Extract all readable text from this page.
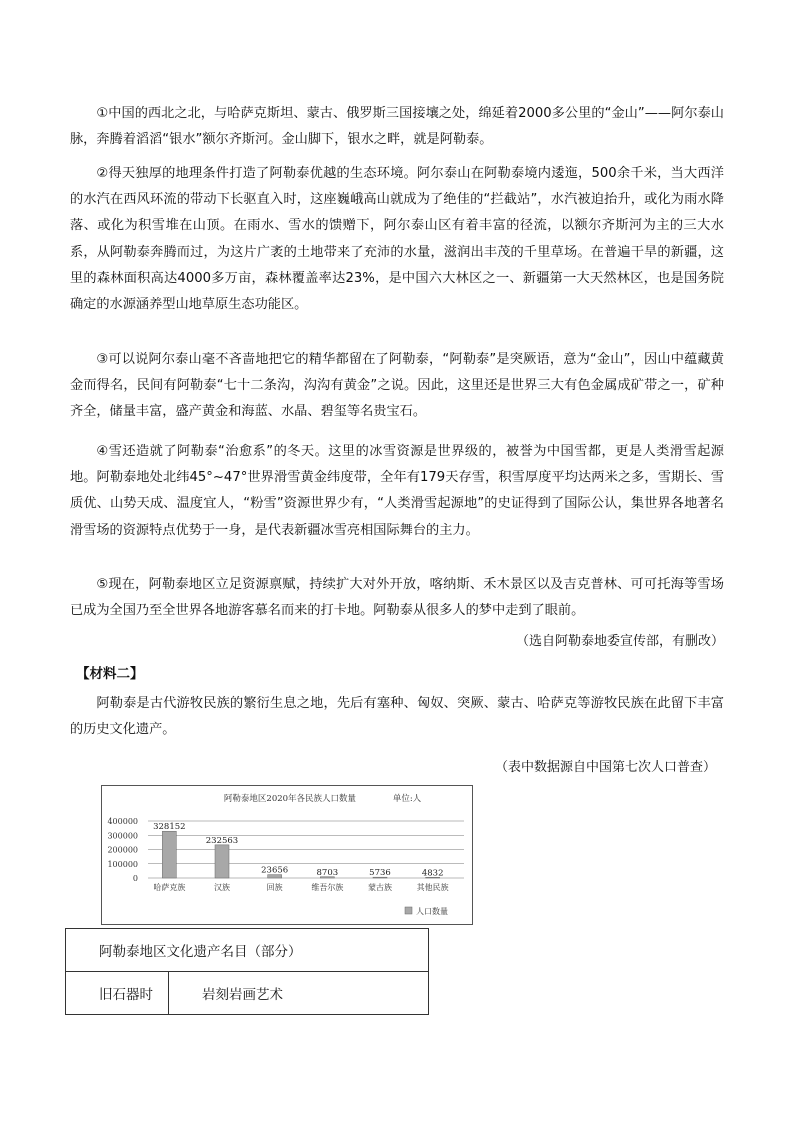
①中国的西北之北，与哈萨克斯坦、蒙古、俄罗斯三国接壤之处，绵延着2000多公里的“金山”——阿尔泰山脉，奔腾着滔滔“银水”额尔齐斯河。金山脚下，银水之畔，就是阿勒泰。

②得天独厚的地理条件打造了阿勒泰优越的生态环境。阿尔泰山在阿勒泰境内逶迤，500余千米，当大西洋的水汽在西风环流的带动下长驱直入时，这座巍峨高山就成为了绝佳的“拦截站”，水汽被迫抬升，或化为雨水降落、或化为积雪堆在山顶。在雨水、雪水的馈赠下，阿尔泰山区有着丰富的径流，以额尔齐斯河为主的三大水系，从阿勒泰奔腾而过，为这片广袤的土地带来了充沛的水量，滋润出丰茂的千里草场。在普遍干旱的新疆，这里的森林面积高达4000多万亩，森林覆盖率达23%，是中国六大林区之一、新疆第一大天然林区，也是国务院确定的水源涵养型山地草原生态功能区。

③可以说阿尔泰山毫不吝啬地把它的精华都留在了阿勒泰，“阿勒泰”是突厥语，意为“金山”，因山中蕴藏黄金而得名，民间有阿勒泰“七十二条沟，沟沟有黄金”之说。因此，这里还是世界三大有色金属成矿带之一，矿种齐全，储量丰富，盛产黄金和海蓝、水晶、碧玺等名贵宝石。

④雪还造就了阿勒泰“治愈系”的冬天。这里的冰雪资源是世界级的，被誉为中国雪都，更是人类滑雪起源地。阿勒泰地处北纬45°~47°世界滑雪黄金纬度带，全年有179天存雪，积雪厚度平均达两米之多，雪期长、雪质优、山势天成、温度宜人，“粉雪”资源世界少有，“人类滑雪起源地”的史证得到了国际公认，集世界各地著名滑雪场的资源特点优势于一身，是代表新疆冰雪亮相国际舞台的主力。

⑤现在，阿勒泰地区立足资源禀赋，持续扩大对外开放，喀纳斯、禾木景区以及吉克普林、可可托海等雪场已成为全国乃至全世界各地游客慕名而来的打卡地。阿勒泰从很多人的梦中走到了眼前。

（选自阿勒泰地委宣传部，有删改）

【材料二】

阿勒泰是古代游牧民族的繁衍生息之地，先后有塞种、匈奴、突厥、蒙古、哈萨克等游牧民族在此留下丰富的历史文化遗产。

（表中数据源自中国第七次人口普查）

阿勒泰地区2020年各民族人口数量	单位:人
400000
300000
200000
100000
0
328152
232563
23656	8703	5736	4832
哈萨克族	汉族	回族	维吾尔族	蒙古族	其他民族
人口数量
阿勒泰地区文化遗产名目（部分）
旧石器时	岩刻岩画艺术
